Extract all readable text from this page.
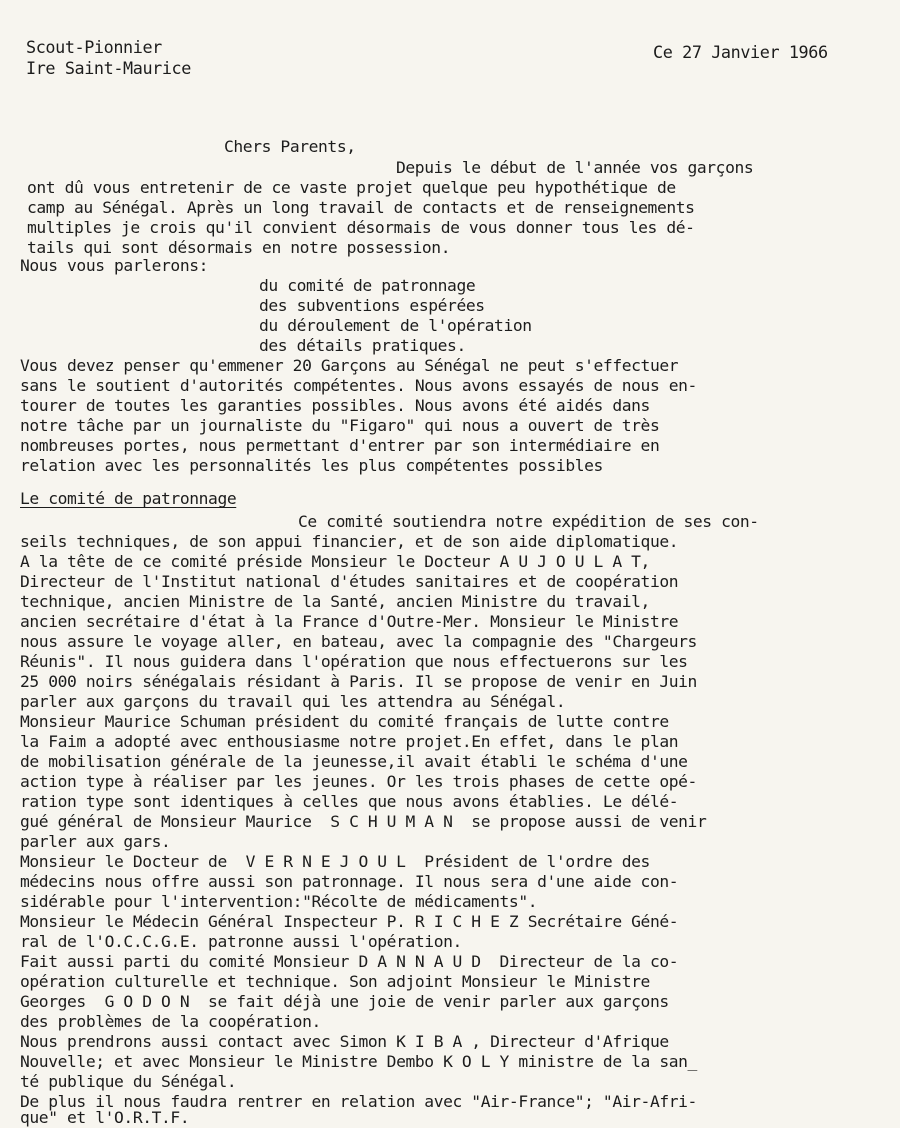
Scout-Pionnier

Ire Saint-Maurice

Ce 27 Janvier 1966

Chers Parents,

Depuis le début de l'année vos garçons

ont dû vous entretenir de ce vaste projet quelque peu hypothétique de

camp au Sénégal. Après un long travail de contacts et de renseignements

multiples je crois qu'il convient désormais de vous donner tous les dé-

tails qui sont désormais en notre possession.

Nous vous parlerons:

du comité de patronnage

des subventions espérées

du déroulement de l'opération

des détails pratiques.

Vous devez penser qu'emmener 20 Garçons au Sénégal ne peut s'effectuer

sans le soutient d'autorités compétentes. Nous avons essayés de nous en-

tourer de toutes les garanties possibles. Nous avons été aidés dans

notre tâche par un journaliste du "Figaro" qui nous a ouvert de très

nombreuses portes, nous permettant d'entrer par son intermédiaire en

relation avec les personnalités les plus compétentes possibles

Le comité de patronnage

Ce comité soutiendra notre expédition de ses con-

seils techniques, de son appui financier, et de son aide diplomatique.

A la tête de ce comité préside Monsieur le Docteur A U J O U L A T,

Directeur de l'Institut national d'études sanitaires et de coopération

technique, ancien Ministre de la Santé, ancien Ministre du travail,

ancien secrétaire d'état à la France d'Outre-Mer. Monsieur le Ministre

nous assure le voyage aller, en bateau, avec la compagnie des "Chargeurs

Réunis". Il nous guidera dans l'opération que nous effectuerons sur les

25 000 noirs sénégalais résidant à Paris. Il se propose de venir en Juin

parler aux garçons du travail qui les attendra au Sénégal.

Monsieur Maurice Schuman président du comité français de lutte contre

la Faim a adopté avec enthousiasme notre projet.En effet, dans le plan

de mobilisation générale de la jeunesse,il avait établi le schéma d'une

action type à réaliser par les jeunes. Or les trois phases de cette opé-

ration type sont identiques à celles que nous avons établies. Le délé-

gué général de Monsieur Maurice  S C H U M A N  se propose aussi de venir

parler aux gars.

Monsieur le Docteur de  V E R N E J O U L  Président de l'ordre des

médecins nous offre aussi son patronnage. Il nous sera d'une aide con-

sidérable pour l'intervention:"Récolte de médicaments".

Monsieur le Médecin Général Inspecteur P. R I C H E Z Secrétaire Géné-

ral de l'O.C.C.G.E. patronne aussi l'opération.

Fait aussi parti du comité Monsieur D A N N A U D  Directeur de la co-

opération culturelle et technique. Son adjoint Monsieur le Ministre

Georges  G O D O N  se fait déjà une joie de venir parler aux garçons

des problèmes de la coopération.

Nous prendrons aussi contact avec Simon K I B A , Directeur d'Afrique

Nouvelle; et avec Monsieur le Ministre Dembo K O L Y ministre de la san_

té publique du Sénégal.

De plus il nous faudra rentrer en relation avec "Air-France"; "Air-Afri-

que" et l'O.R.T.F.
